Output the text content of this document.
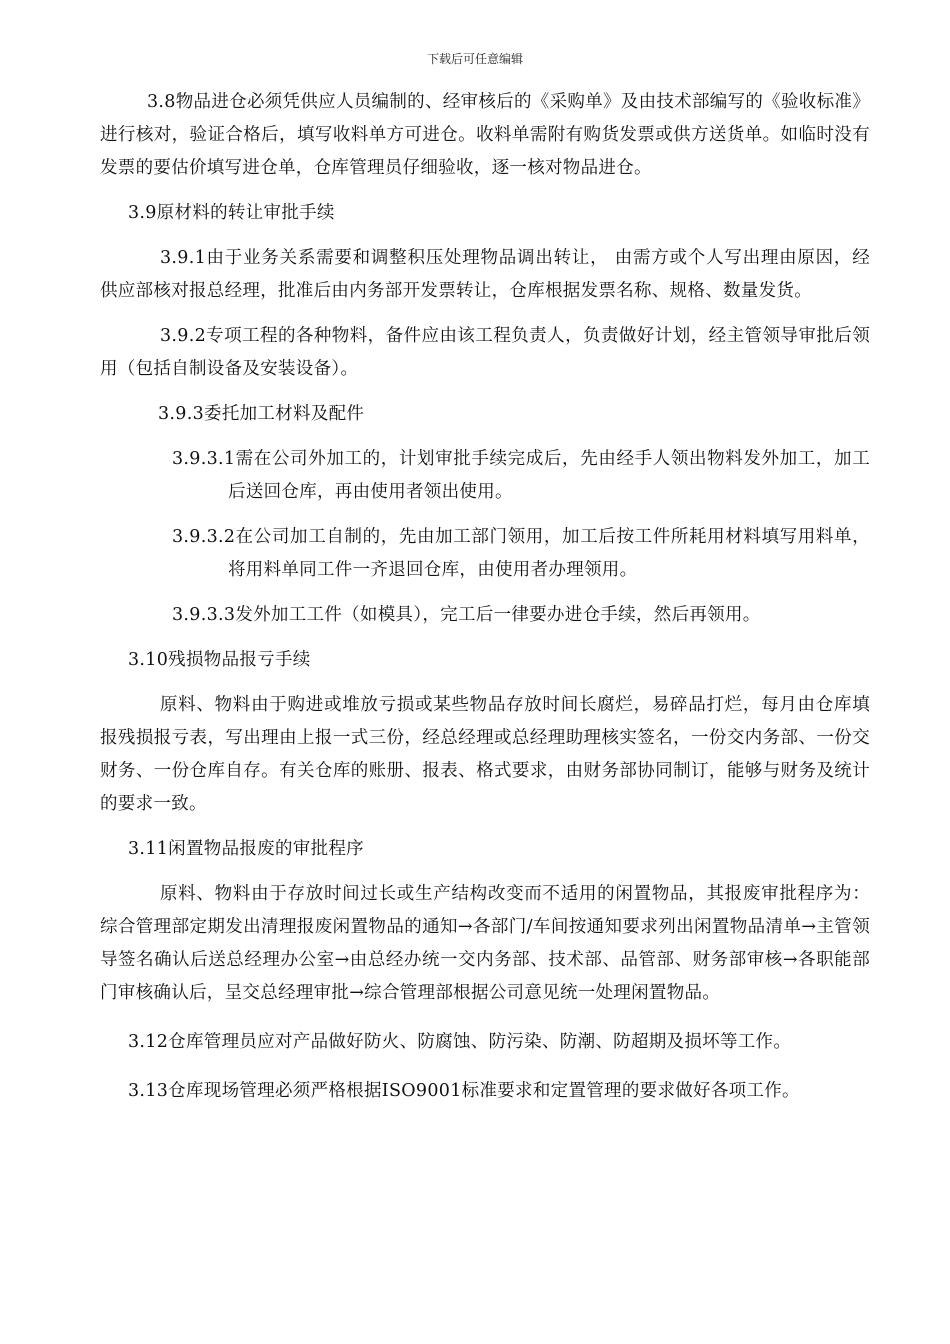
下载后可任意编辑

3.8物品进仓必须凭供应人员编制的、经审核后的《采购单》及由技术部编写的《验收标准》进行核对，验证合格后，填写收料单方可进仓。收料单需附有购货发票或供方送货单。如临时没有发票的要估价填写进仓单，仓库管理员仔细验收，逐一核对物品进仓。

3.9原材料的转让审批手续

3.9.1由于业务关系需要和调整积压处理物品调出转让， 由需方或个人写出理由原因，经供应部核对报总经理，批准后由内务部开发票转让，仓库根据发票名称、规格、数量发货。

3.9.2专项工程的各种物料，备件应由该工程负责人，负责做好计划，经主管领导审批后领用（包括自制设备及安装设备）。

3.9.3委托加工材料及配件

3.9.3.1需在公司外加工的，计划审批手续完成后，先由经手人领出物料发外加工，加工后送回仓库，再由使用者领出使用。

3.9.3.2在公司加工自制的，先由加工部门领用，加工后按工件所耗用材料填写用料单，将用料单同工件一齐退回仓库，由使用者办理领用。

3.9.3.3发外加工工件（如模具），完工后一律要办进仓手续，然后再领用。

3.10残损物品报亏手续

原料、物料由于购进或堆放亏损或某些物品存放时间长腐烂，易碎品打烂，每月由仓库填报残损报亏表，写出理由上报一式三份，经总经理或总经理助理核实签名，一份交内务部、一份交财务、一份仓库自存。有关仓库的账册、报表、格式要求，由财务部协同制订，能够与财务及统计的要求一致。

3.11闲置物品报废的审批程序

原料、物料由于存放时间过长或生产结构改变而不适用的闲置物品，其报废审批程序为：综合管理部定期发出清理报废闲置物品的通知→各部门/车间按通知要求列出闲置物品清单→主管领导签名确认后送总经理办公室→由总经办统一交内务部、技术部、品管部、财务部审核→各职能部门审核确认后，呈交总经理审批→综合管理部根据公司意见统一处理闲置物品。

3.12仓库管理员应对产品做好防火、防腐蚀、防污染、防潮、防超期及损坏等工作。

3.13仓库现场管理必须严格根据ISO9001标准要求和定置管理的要求做好各项工作。
